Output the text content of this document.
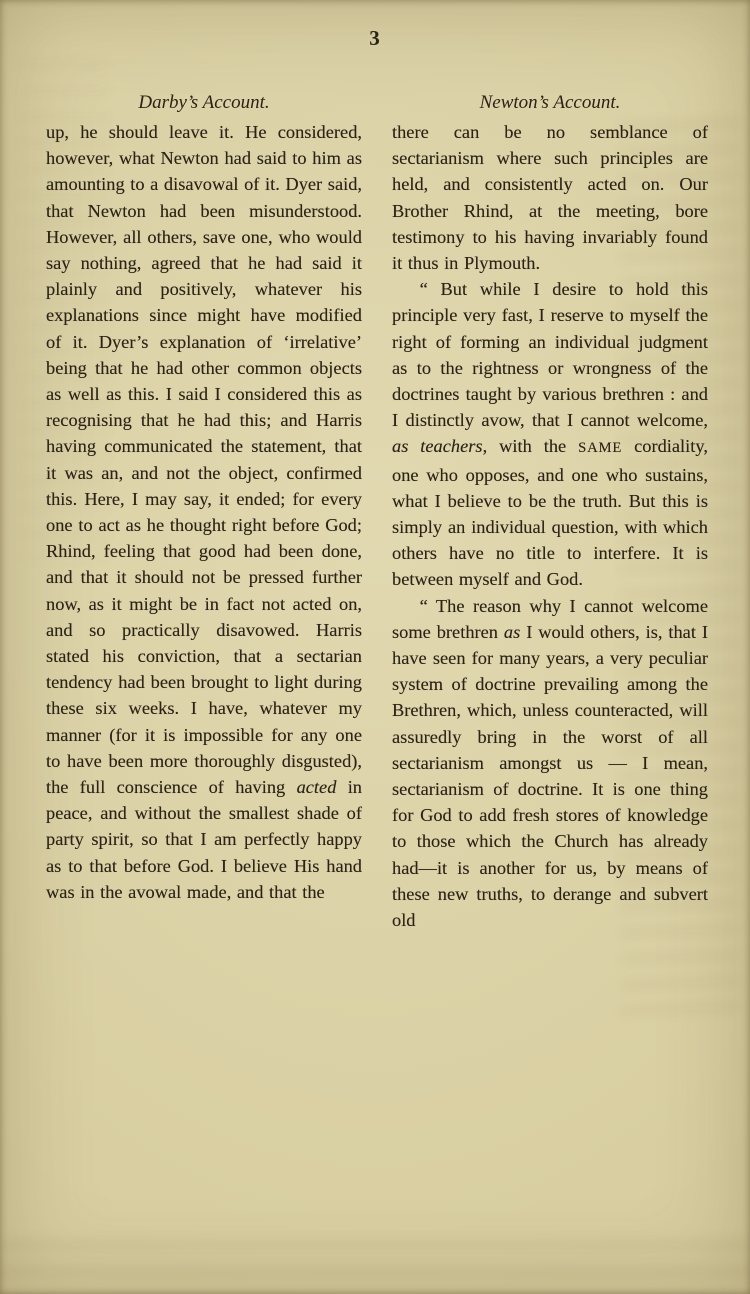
3
Darby’s Account.

up, he should leave it. He considered, however, what Newton had said to him as amounting to a disavowal of it. Dyer said, that Newton had been misunderstood. However, all others, save one, who would say nothing, agreed that he had said it plainly and positively, whatever his explanations since might have modified of it. Dyer’s explanation of ‘irrelative’ being that he had other common objects as well as this. I said I considered this as recognising that he had this; and Harris having communicated the statement, that it was an, and not the object, confirmed this. Here, I may say, it ended; for every one to act as he thought right before God; Rhind, feeling that good had been done, and that it should not be pressed further now, as it might be in fact not acted on, and so practically disavowed. Harris stated his conviction, that a sectarian tendency had been brought to light during these six weeks. I have, whatever my manner (for it is impossible for any one to have been more thoroughly disgusted), the full conscience of having acted in peace, and without the smallest shade of party spirit, so that I am perfectly happy as to that before God. I believe His hand was in the avowal made, and that the

Newton’s Account.

there can be no semblance of sectarianism where such principles are held, and consistently acted on. Our Brother Rhind, at the meeting, bore testimony to his having invariably found it thus in Plymouth.

“ But while I desire to hold this principle very fast, I reserve to myself the right of forming an individual judgment as to the rightness or wrongness of the doctrines taught by various brethren : and I distinctly avow, that I cannot welcome, as teachers, with the SAME cordiality, one who opposes, and one who sustains, what I believe to be the truth. But this is simply an individual question, with which others have no title to interfere. It is between myself and God.

“ The reason why I cannot welcome some brethren as I would others, is, that I have seen for many years, a very peculiar system of doctrine prevailing among the Brethren, which, unless counteracted, will assuredly bring in the worst of all sectarianism amongst us — I mean, sectarianism of doctrine. It is one thing for God to add fresh stores of knowledge to those which the Church has already had—it is another for us, by means of these new truths, to derange and subvert old
